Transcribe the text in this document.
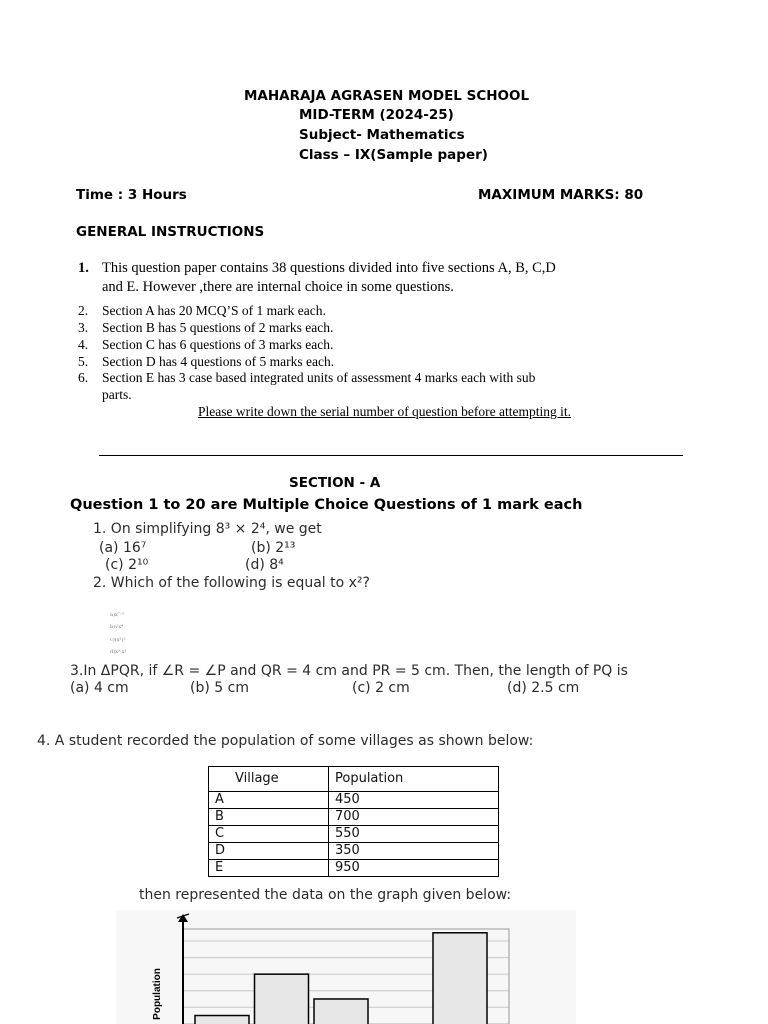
MAHARAJA AGRASEN MODEL SCHOOL
MID-TERM (2024-25)
Subject- Mathematics
Class – IX(Sample paper)
Time : 3 Hours	MAXIMUM MARKS: 80
GENERAL INSTRUCTIONS
1. This question paper contains 38 questions divided into five sections A, B, C,D
and E. However ,there are internal choice in some questions.
2. Section A has 20 MCQ’S of 1 mark each.
3. Section B has 5 questions of 2 marks each.
4. Section C has 6 questions of 3 marks each.
5. Section D has 4 questions of 5 marks each.
6. Section E has 3 case based integrated units of assessment 4 marks each with sub
parts.
Please write down the serial number of question before attempting it.
SECTION - A
Question 1 to 20 are Multiple Choice Questions of 1 mark each
1. On simplifying 8³ × 2⁴, we get
(a) 16⁷	(b) 2¹³
(c) 2¹⁰	(d) 8⁴
2. Which of the following is equal to x²?
a)x⁷⁻⁵
b)√x⁴
c)(x²)²
d)x³·x¹
3.In ΔPQR, if ∠R = ∠P and QR = 4 cm and PR = 5 cm. Then, the length of PQ is
(a) 4 cm	(b) 5 cm	(c) 2 cm	(d) 2.5 cm
4. A student recorded the population of some villages as shown below:
Village	Population
A	450
B	700
C	550
D	350
E	950
then represented the data on the graph given below:
Population
